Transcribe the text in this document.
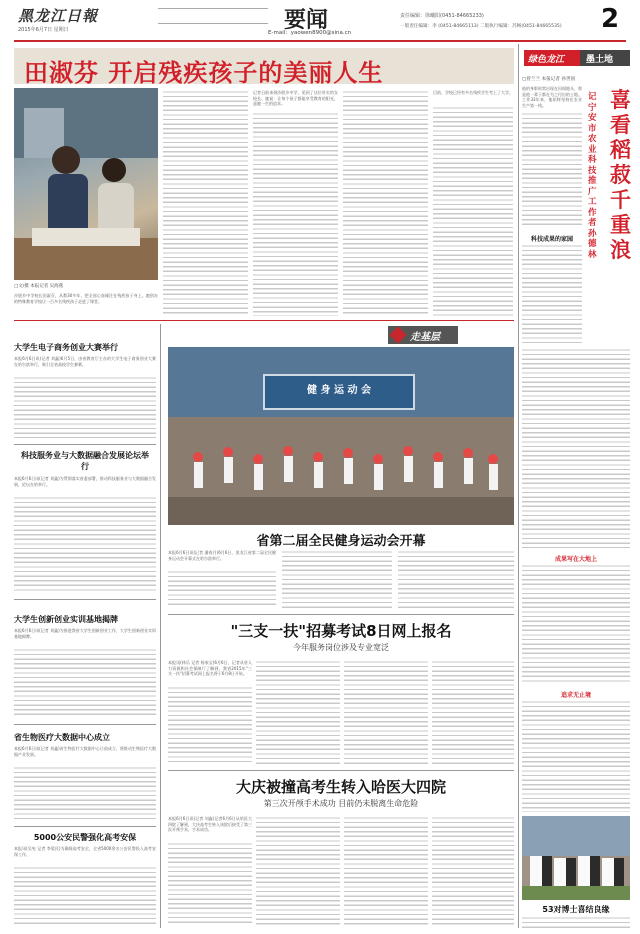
黑龙江日報
2015年6月7日 星期日	要闻
E-mail：yaowen8900@sina.cn
责任编辑：徐曦阳(0451-84665233)
一版责任编辑：李 (0451-84665113) 二版执行编辑：苏畅(0451-84665535) 2
田淑芬 开启残疾孩子的美丽人生
□文/摄 本报记者 吴海燕
沙胆乡中学校长田淑芬，从教30多年，把全部心血倾注在残疾孩子身上。她创办的特殊教育学校让一百多名残疾孩子走进了课堂。
记者日前来到沙胆乡中学，见到了这位朴实的女校长。她说：让每个孩子都能享受教育的阳光，是她一生的追求。
目前，学校已经有多名残疾学生考上了大学。
大学生电子商务创业大赛举行
本报6月6日讯(记者 刘鑫)6月5日，由省教育厅主办的大学生电子商务创业大赛在哈尔滨举行，吸引全省高校学生参赛。
科技服务业与大数据融合发展论坛举行
本报6月6日讯(记者 刘鑫)为贯彻落实省委部署，推动科技服务业与大数据融合发展，论坛在哈举行。
大学生创新创业实训基地揭牌
本报6月6日讯(记者 刘鑫)为推进我省大学生创新创业工作，大学生创新创业实训基地揭牌。
省生物医疗大数据中心成立
本报6月6日讯(记者 刘鑫)省生物医疗大数据中心日前成立，将推动生物医疗大数据产业发展。
5000公安民警强化高考安保
本报讯(吴宪 记者 李爱民)为确保高考安全，全省5000余名公安民警投入高考安保工作。
走基层
健 身 运 动 会
省第二届全民健身运动会开幕
本报6月6日讯(记者 潘春月)6月6日，黑龙江省第二届全民健身运动会开幕式在哈尔滨举行。
"三支一扶"招募考试8日网上报名
今年服务岗位涉及专业宽泛
本报讯(林乐 记者 杨家宝)6月6日，记者从省人力资源和社会保障厅了解到，我省2015年"三支一扶"招募考试网上报名将于6月8日开始。
大庆被撞高考生转入哈医大四院
第三次开颅手术成功 目前仍未脱离生命危险
本报6月6日讯(记者 刘鑫)记者6月6日从哈医大四院了解到，大庆高考生转入该院后接受了第三次开颅手术，手术成功。
绿色龙江 墨土地
□曾兰兰 本报记者 孙世国
他的身影时常出现在田间地头，那是他一辈子都在为之付出的土地。工作33年来，他始终坚持在农业生产第一线。	喜看稻菽千重浪
记宁安市农业科技推广工作者孙德林
科技成果的家园
成果写在大地上
追求无止境
53对博士喜结良缘
